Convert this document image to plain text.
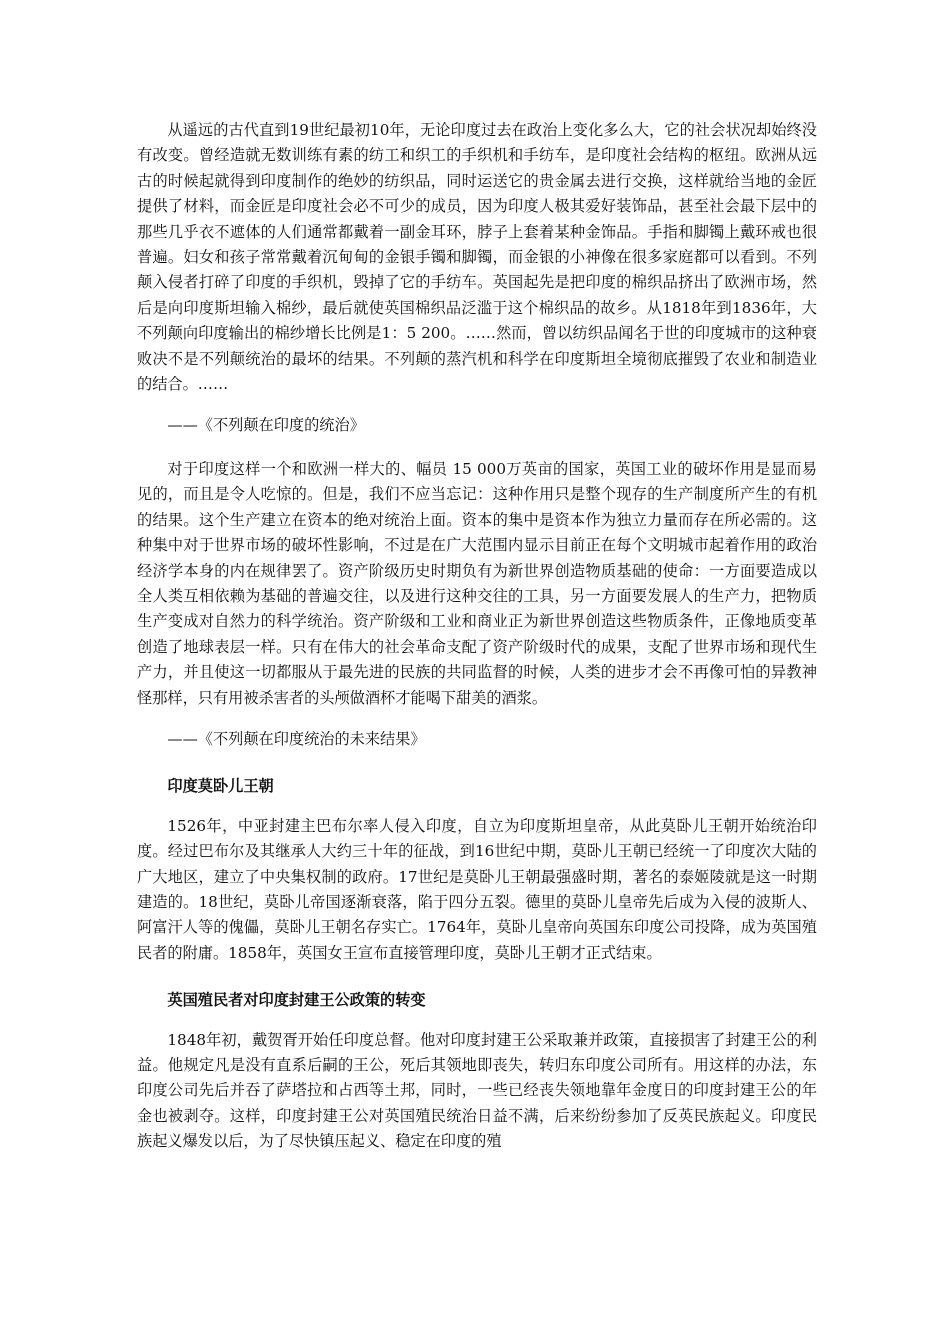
从遥远的古代直到19世纪最初10年，无论印度过去在政治上变化多么大，它的社会状况却始终没有改变。曾经造就无数训练有素的纺工和织工的手织机和手纺车，是印度社会结构的枢纽。欧洲从远古的时候起就得到印度制作的绝妙的纺织品，同时运送它的贵金属去进行交换，这样就给当地的金匠提供了材料，而金匠是印度社会必不可少的成员，因为印度人极其爱好装饰品，甚至社会最下层中的那些几乎衣不遮体的人们通常都戴着一副金耳环，脖子上套着某种金饰品。手指和脚镯上戴环戒也很普遍。妇女和孩子常常戴着沉甸甸的金银手镯和脚镯，而金银的小神像在很多家庭都可以看到。不列颠入侵者打碎了印度的手织机，毁掉了它的手纺车。英国起先是把印度的棉织品挤出了欧洲市场，然后是向印度斯坦输入棉纱，最后就使英国棉织品泛滥于这个棉织品的故乡。从1818年到1836年，大不列颠向印度输出的棉纱增长比例是1：5 200。……然而，曾以纺织品闻名于世的印度城市的这种衰败决不是不列颠统治的最坏的结果。不列颠的蒸汽机和科学在印度斯坦全境彻底摧毁了农业和制造业的结合。……

——《不列颠在印度的统治》

对于印度这样一个和欧洲一样大的、幅员 15 000万英亩的国家，英国工业的破坏作用是显而易见的，而且是令人吃惊的。但是，我们不应当忘记：这种作用只是整个现存的生产制度所产生的有机的结果。这个生产建立在资本的绝对统治上面。资本的集中是资本作为独立力量而存在所必需的。这种集中对于世界市场的破坏性影响，不过是在广大范围内显示目前正在每个文明城市起着作用的政治经济学本身的内在规律罢了。资产阶级历史时期负有为新世界创造物质基础的使命：一方面要造成以全人类互相依赖为基础的普遍交往，以及进行这种交往的工具，另一方面要发展人的生产力，把物质生产变成对自然力的科学统治。资产阶级和工业和商业正为新世界创造这些物质条件，正像地质变革创造了地球表层一样。只有在伟大的社会革命支配了资产阶级时代的成果，支配了世界市场和现代生产力，并且使这一切都服从于最先进的民族的共同监督的时候，人类的进步才会不再像可怕的异教神怪那样，只有用被杀害者的头颅做酒杯才能喝下甜美的酒浆。

——《不列颠在印度统治的未来结果》

印度莫卧儿王朝

1526年，中亚封建主巴布尔率人侵入印度，自立为印度斯坦皇帝，从此莫卧儿王朝开始统治印度。经过巴布尔及其继承人大约三十年的征战，到16世纪中期，莫卧儿王朝已经统一了印度次大陆的广大地区，建立了中央集权制的政府。17世纪是莫卧儿王朝最强盛时期，著名的泰姬陵就是这一时期建造的。18世纪，莫卧儿帝国逐渐衰落，陷于四分五裂。德里的莫卧儿皇帝先后成为入侵的波斯人、阿富汗人等的傀儡，莫卧儿王朝名存实亡。1764年，莫卧儿皇帝向英国东印度公司投降，成为英国殖民者的附庸。1858年，英国女王宣布直接管理印度，莫卧儿王朝才正式结束。

英国殖民者对印度封建王公政策的转变

1848年初，戴贺胥开始任印度总督。他对印度封建王公采取兼并政策，直接损害了封建王公的利益。他规定凡是没有直系后嗣的王公，死后其领地即丧失，转归东印度公司所有。用这样的办法，东印度公司先后并吞了萨塔拉和占西等土邦，同时，一些已经丧失领地靠年金度日的印度封建王公的年金也被剥夺。这样，印度封建王公对英国殖民统治日益不满，后来纷纷参加了反英民族起义。印度民族起义爆发以后，为了尽快镇压起义、稳定在印度的殖
